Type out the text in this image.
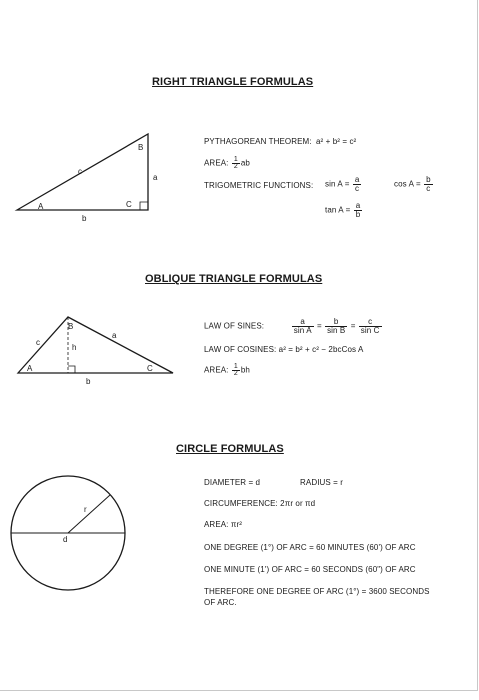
RIGHT TRIANGLE FORMULAS
A
B
C
a
b
c
PYTHAGOREAN THEOREM: a² + b² = c²
AREA: $\frac{1}{2}$ ab
TRIGOMETRIC FUNCTIONS: $\sin A = \frac{a}{c}$	$\cos A = \frac{b}{c}$
$\tan A = \frac{a}{b}$
OBLIQUE TRIANGLE FORMULAS
A
B
C
a
b
c
h
LAW OF SINES:	$\frac{a}{\text{sin A}} = \frac{b}{\text{sin B}} = \frac{c}{\text{sin C}}$
LAW OF COSINES: a² = b² + c² − 2bcCos A
AREA: $\frac{1}{2}$ bh
CIRCLE FORMULAS
r
d
DIAMETER = d	RADIUS = r
CIRCUMFERENCE: 2πr or πd
AREA: πr²
ONE DEGREE (1°) OF ARC = 60 MINUTES (60') OF ARC
ONE MINUTE (1') OF ARC = 60 SECONDS (60") OF ARC
THEREFORE ONE DEGREE OF ARC (1°) = 3600 SECONDS
OF ARC.
